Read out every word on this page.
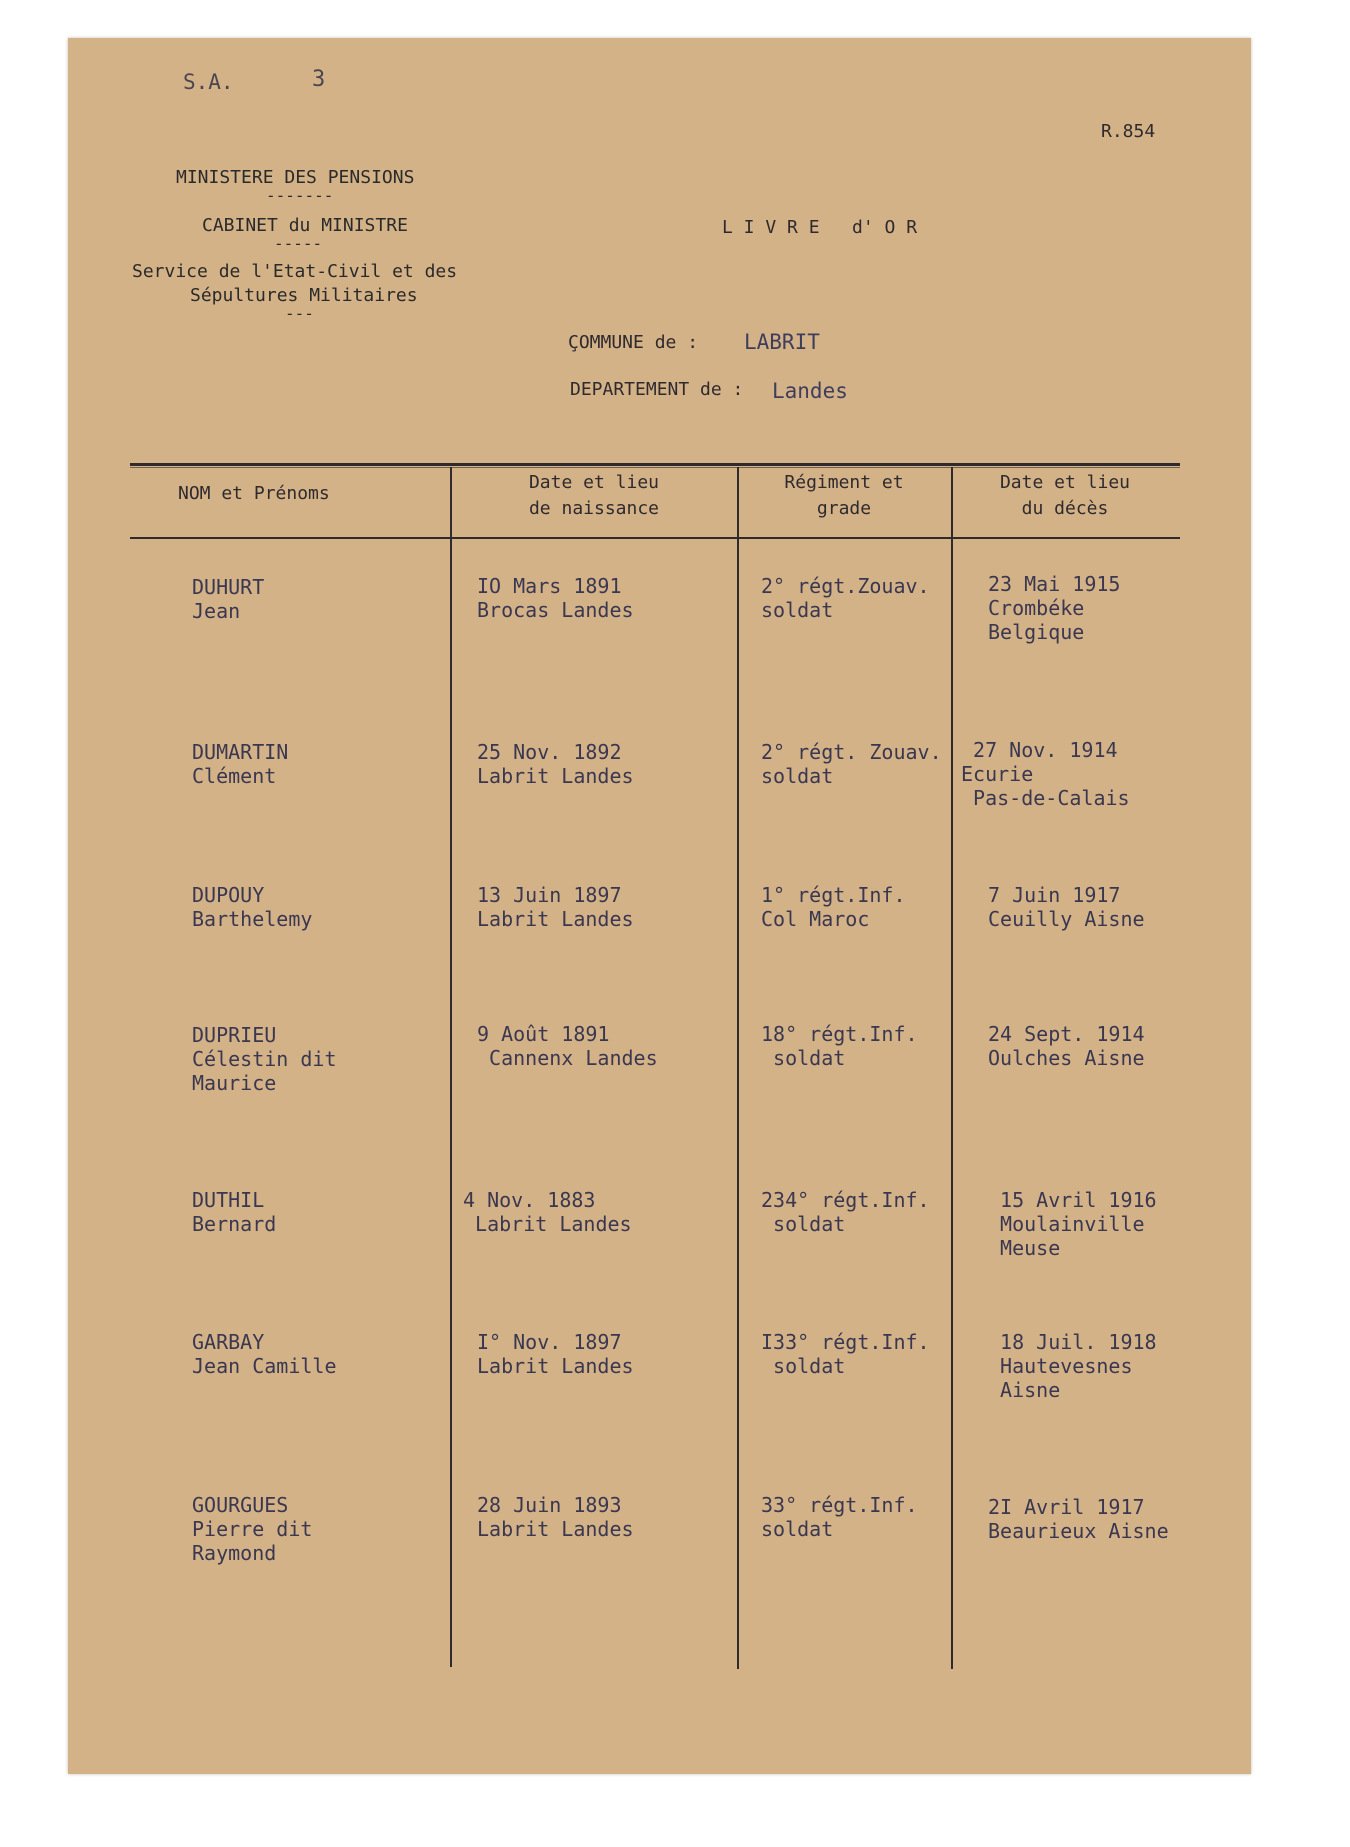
S.A.	3
R.854
MINISTERE DES PENSIONS
-------
CABINET du MINISTRE
-----
Service de l'Etat-Civil et des
Sépultures Militaires
---
L I V R E   d' O R
ÇOMMUNE de : LABRIT
DEPARTEMENT de : Landes
NOM et Prénoms
Date et lieu
de naissance
Régiment et
grade
Date et lieu
du décès
DUHURT
Jean
IO Mars 1891
Brocas Landes
2° régt.Zouav.
soldat
23 Mai 1915
Crombéke
Belgique
DUMARTIN
Clément
25 Nov. 1892
Labrit Landes
2° régt. Zouav.
soldat
27 Nov. 1914
Ecurie
Pas-de-Calais
DUPOUY
Barthelemy
13 Juin 1897
Labrit Landes
1° régt.Inf.
Col Maroc
7 Juin 1917
Ceuilly Aisne
DUPRIEU
Célestin dit
Maurice
9 Août 1891
Cannenx Landes
18° régt.Inf.
soldat
24 Sept. 1914
Oulches Aisne
DUTHIL
Bernard
4 Nov. 1883
Labrit Landes
234° régt.Inf.
soldat
15 Avril 1916
Moulainville
Meuse
GARBAY
Jean Camille
I° Nov. 1897
Labrit Landes
I33° régt.Inf.
soldat
18 Juil. 1918
Hautevesnes
Aisne
GOURGUES
Pierre dit
Raymond
28 Juin 1893
Labrit Landes
33° régt.Inf.
soldat
2I Avril 1917
Beaurieux Aisne
